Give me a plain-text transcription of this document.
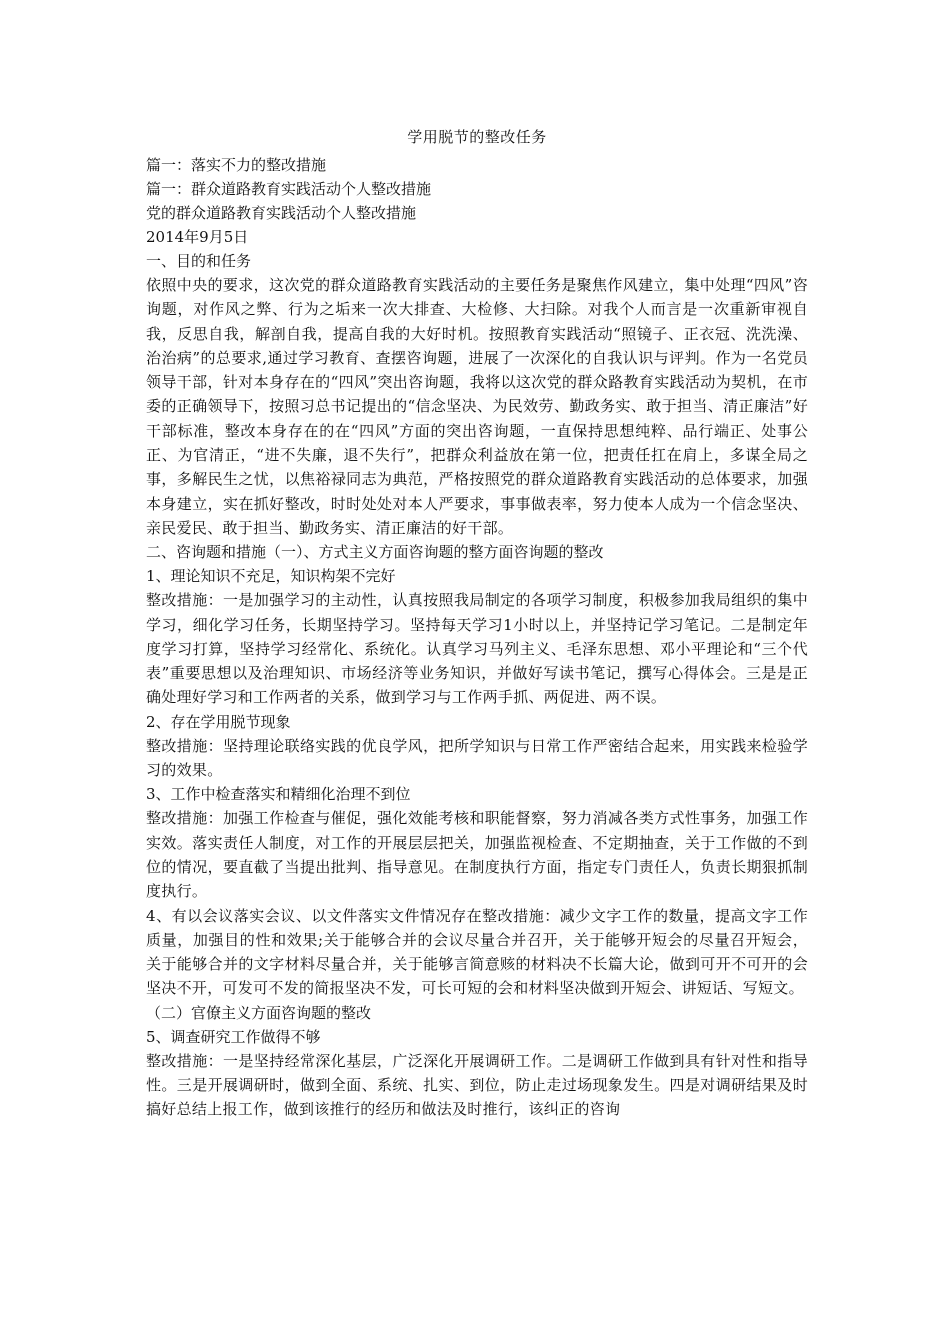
学用脱节的整改任务

篇一：落实不力的整改措施

篇一：群众道路教育实践活动个人整改措施

党的群众道路教育实践活动个人整改措施

2014年9月5日

一、目的和任务

依照中央的要求，这次党的群众道路教育实践活动的主要任务是聚焦作风建立，集中处理“四风”咨询题，对作风之弊、行为之垢来一次大排查、大检修、大扫除。对我个人而言是一次重新审视自我，反思自我，解剖自我，提高自我的大好时机。按照教育实践活动“照镜子、正衣冠、洗洗澡、治治病”的总要求,通过学习教育、查摆咨询题，进展了一次深化的自我认识与评判。作为一名党员领导干部，针对本身存在的“四风”突出咨询题，我将以这次党的群众路教育实践活动为契机，在市委的正确领导下，按照习总书记提出的“信念坚决、为民效劳、勤政务实、敢于担当、清正廉洁”好干部标准，整改本身存在的在“四风”方面的突出咨询题，一直保持思想纯粹、品行端正、处事公正、为官清正，“进不失廉，退不失行”，把群众利益放在第一位，把责任扛在肩上，多谋全局之事，多解民生之忧，以焦裕禄同志为典范，严格按照党的群众道路教育实践活动的总体要求，加强本身建立，实在抓好整改，时时处处对本人严要求，事事做表率，努力使本人成为一个信念坚决、亲民爱民、敢于担当、勤政务实、清正廉洁的好干部。

二、咨询题和措施（一）、方式主义方面咨询题的整方面咨询题的整改

1、理论知识不充足，知识构架不完好

整改措施：一是加强学习的主动性，认真按照我局制定的各项学习制度，积极参加我局组织的集中学习，细化学习任务，长期坚持学习。坚持每天学习1小时以上，并坚持记学习笔记。二是制定年度学习打算，坚持学习经常化、系统化。认真学习马列主义、毛泽东思想、邓小平理论和“三个代表”重要思想以及治理知识、市场经济等业务知识，并做好写读书笔记，撰写心得体会。三是是正确处理好学习和工作两者的关系，做到学习与工作两手抓、两促进、两不误。

2、存在学用脱节现象

整改措施：坚持理论联络实践的优良学风，把所学知识与日常工作严密结合起来，用实践来检验学习的效果。

3、工作中检查落实和精细化治理不到位

整改措施：加强工作检查与催促，强化效能考核和职能督察，努力消减各类方式性事务，加强工作实效。落实责任人制度，对工作的开展层层把关，加强监视检查、不定期抽查，关于工作做的不到位的情况，要直截了当提出批判、指导意见。在制度执行方面，指定专门责任人，负责长期狠抓制度执行。

4、有以会议落实会议、以文件落实文件情况存在整改措施：减少文字工作的数量，提高文字工作质量，加强目的性和效果;关于能够合并的会议尽量合并召开，关于能够开短会的尽量召开短会，关于能够合并的文字材料尽量合并，关于能够言简意赅的材料决不长篇大论，做到可开不可开的会坚决不开，可发可不发的简报坚决不发，可长可短的会和材料坚决做到开短会、讲短话、写短文。

（二）官僚主义方面咨询题的整改

5、调查研究工作做得不够

整改措施：一是坚持经常深化基层，广泛深化开展调研工作。二是调研工作做到具有针对性和指导性。三是开展调研时，做到全面、系统、扎实、到位，防止走过场现象发生。四是对调研结果及时搞好总结上报工作，做到该推行的经历和做法及时推行，该纠正的咨询
